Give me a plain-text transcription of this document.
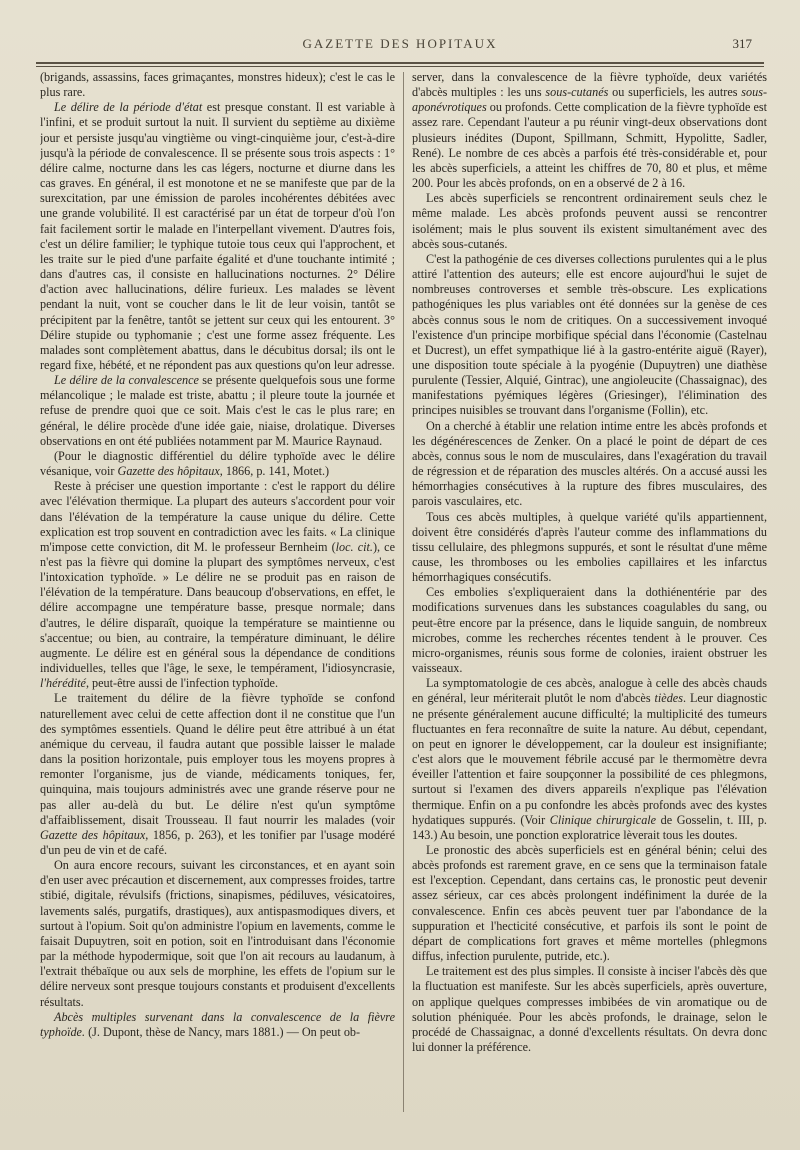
GAZETTE DES HOPITAUX	317

(brigands, assassins, faces grimaçantes, monstres hideux); c'est le cas le plus rare.

Le délire de la période d'état est presque constant. Il est variable à l'infini, et se produit surtout la nuit. Il survient du septième au dixième jour et persiste jusqu'au vingtième ou vingt-cinquième jour, c'est-à-dire jusqu'à la période de convalescence. Il se présente sous trois aspects : 1° délire calme, nocturne dans les cas légers, nocturne et diurne dans les cas graves. En général, il est monotone et ne se manifeste que par de la surexcitation, par une émission de paroles incohérentes débitées avec une grande volubilité. Il est caractérisé par un état de torpeur d'où l'on fait facilement sortir le malade en l'interpellant vivement. D'autres fois, c'est un délire familier; le typhique tutoie tous ceux qui l'approchent, et les traite sur le pied d'une parfaite égalité et d'une touchante intimité ; dans d'autres cas, il consiste en hallucinations nocturnes. 2° Délire d'action avec hallucinations, délire furieux. Les malades se lèvent pendant la nuit, vont se coucher dans le lit de leur voisin, tantôt se précipitent par la fenêtre, tantôt se jettent sur ceux qui les entourent. 3° Délire stupide ou typhomanie ; c'est une forme assez fréquente. Les malades sont complètement abattus, dans le décubitus dorsal; ils ont le regard fixe, hébété, et ne répondent pas aux questions qu'on leur adresse.

Le délire de la convalescence se présente quelquefois sous une forme mélancolique ; le malade est triste, abattu ; il pleure toute la journée et refuse de prendre quoi que ce soit. Mais c'est le cas le plus rare; en général, le délire procède d'une idée gaie, niaise, drolatique. Diverses observations en ont été publiées notamment par M. Maurice Raynaud.

(Pour le diagnostic différentiel du délire typhoïde avec le délire vésanique, voir Gazette des hôpitaux, 1866, p. 141, Motet.)

Reste à préciser une question importante : c'est le rapport du délire avec l'élévation thermique. La plupart des auteurs s'accordent pour voir dans l'élévation de la température la cause unique du délire. Cette explication est trop souvent en contradiction avec les faits. « La clinique m'impose cette conviction, dit M. le professeur Bernheim (loc. cit.), ce n'est pas la fièvre qui domine la plupart des symptômes nerveux, c'est l'intoxication typhoïde. » Le délire ne se produit pas en raison de l'élévation de la température. Dans beaucoup d'observations, en effet, le délire accompagne une température basse, presque normale; dans d'autres, le délire disparaît, quoique la température se maintienne ou s'accentue; ou bien, au contraire, la température diminuant, le délire augmente. Le délire est en général sous la dépendance de conditions individuelles, telles que l'âge, le sexe, le tempérament, l'idiosyncrasie, l'hérédité, peut-être aussi de l'infection typhoïde.

Le traitement du délire de la fièvre typhoïde se confond naturellement avec celui de cette affection dont il ne constitue que l'un des symptômes essentiels. Quand le délire peut être attribué à un état anémique du cerveau, il faudra autant que possible laisser le malade dans la position horizontale, puis employer tous les moyens propres à remonter l'organisme, jus de viande, médicaments toniques, fer, quinquina, mais toujours administrés avec une grande réserve pour ne pas aller au-delà du but. Le délire n'est qu'un symptôme d'affaiblissement, disait Trousseau. Il faut nourrir les malades (voir Gazette des hôpitaux, 1856, p. 263), et les tonifier par l'usage modéré d'un peu de vin et de café.

On aura encore recours, suivant les circonstances, et en ayant soin d'en user avec précaution et discernement, aux compresses froides, tartre stibié, digitale, révulsifs (frictions, sinapismes, pédiluves, vésicatoires, lavements salés, purgatifs, drastiques), aux antispasmodiques divers, et surtout à l'opium. Soit qu'on administre l'opium en lavements, comme le faisait Dupuytren, soit en potion, soit en l'introduisant dans l'économie par la méthode hypodermique, soit que l'on ait recours au laudanum, à l'extrait thébaïque ou aux sels de morphine, les effets de l'opium sur le délire nerveux sont presque toujours constants et produisent d'excellents résultats.

Abcès multiples survenant dans la convalescence de la fièvre typhoïde. (J. Dupont, thèse de Nancy, mars 1881.) — On peut ob-

server, dans la convalescence de la fièvre typhoïde, deux variétés d'abcès multiples : les uns sous-cutanés ou superficiels, les autres sous-aponévrotiques ou profonds. Cette complication de la fièvre typhoïde est assez rare. Cependant l'auteur a pu réunir vingt-deux observations dont plusieurs inédites (Dupont, Spillmann, Schmitt, Hypolitte, Sadler, René). Le nombre de ces abcès a parfois été très-considérable et, pour les abcès superficiels, a atteint les chiffres de 70, 80 et plus, et même 200. Pour les abcès profonds, on en a observé de 2 à 16.

Les abcès superficiels se rencontrent ordinairement seuls chez le même malade. Les abcès profonds peuvent aussi se rencontrer isolément; mais le plus souvent ils existent simultanément avec des abcès sous-cutanés.

C'est la pathogénie de ces diverses collections purulentes qui a le plus attiré l'attention des auteurs; elle est encore aujourd'hui le sujet de nombreuses controverses et semble très-obscure. Les explications pathogéniques les plus variables ont été données sur la genèse de ces abcès connus sous le nom de critiques. On a successivement invoqué l'existence d'un principe morbifique spécial dans l'économie (Castelnau et Ducrest), un effet sympathique lié à la gastro-entérite aiguë (Rayer), une disposition toute spéciale à la pyogénie (Dupuytren) une diathèse purulente (Tessier, Alquié, Gintrac), une angioleucite (Chassaignac), des manifestations pyémiques légères (Griesinger), l'élimination des principes nuisibles se trouvant dans l'organisme (Follin), etc.

On a cherché à établir une relation intime entre les abcès profonds et les dégénérescences de Zenker. On a placé le point de départ de ces abcès, connus sous le nom de musculaires, dans l'exagération du travail de régression et de réparation des muscles altérés. On a accusé aussi les hémorrhagies consécutives à la rupture des fibres musculaires, des parois vasculaires, etc.

Tous ces abcès multiples, à quelque variété qu'ils appartiennent, doivent être considérés d'après l'auteur comme des inflammations du tissu cellulaire, des phlegmons suppurés, et sont le résultat d'une même cause, les thromboses ou les embolies capillaires et les infarctus hémorrhagiques consécutifs.

Ces embolies s'expliqueraient dans la dothiénentérie par des modifications survenues dans les substances coagulables du sang, ou peut-être encore par la présence, dans le liquide sanguin, de nombreux microbes, comme les recherches récentes tendent à le prouver. Ces micro-organismes, réunis sous forme de colonies, iraient obstruer les vaisseaux.

La symptomatologie de ces abcès, analogue à celle des abcès chauds en général, leur mériterait plutôt le nom d'abcès tièdes. Leur diagnostic ne présente généralement aucune difficulté; la multiplicité des tumeurs fluctuantes en fera reconnaître de suite la nature. Au début, cependant, on peut en ignorer le développement, car la douleur est insignifiante; c'est alors que le mouvement fébrile accusé par le thermomètre devra éveiller l'attention et faire soupçonner la possibilité de ces phlegmons, surtout si l'examen des divers appareils n'explique pas l'élévation thermique. Enfin on a pu confondre les abcès profonds avec des kystes hydatiques suppurés. (Voir Clinique chirurgicale de Gosselin, t. III, p. 143.) Au besoin, une ponction exploratrice lèverait tous les doutes.

Le pronostic des abcès superficiels est en général bénin; celui des abcès profonds est rarement grave, en ce sens que la terminaison fatale est l'exception. Cependant, dans certains cas, le pronostic peut devenir assez sérieux, car ces abcès prolongent indéfiniment la durée de la convalescence. Enfin ces abcès peuvent tuer par l'abondance de la suppuration et l'hecticité consécutive, et parfois ils sont le point de départ de complications fort graves et même mortelles (phlegmons diffus, infection purulente, putride, etc.).

Le traitement est des plus simples. Il consiste à inciser l'abcès dès que la fluctuation est manifeste. Sur les abcès superficiels, après ouverture, on applique quelques compresses imbibées de vin aromatique ou de solution phéniquée. Pour les abcès profonds, le drainage, selon le procédé de Chassaignac, a donné d'excellents résultats. On devra donc lui donner la préférence.
